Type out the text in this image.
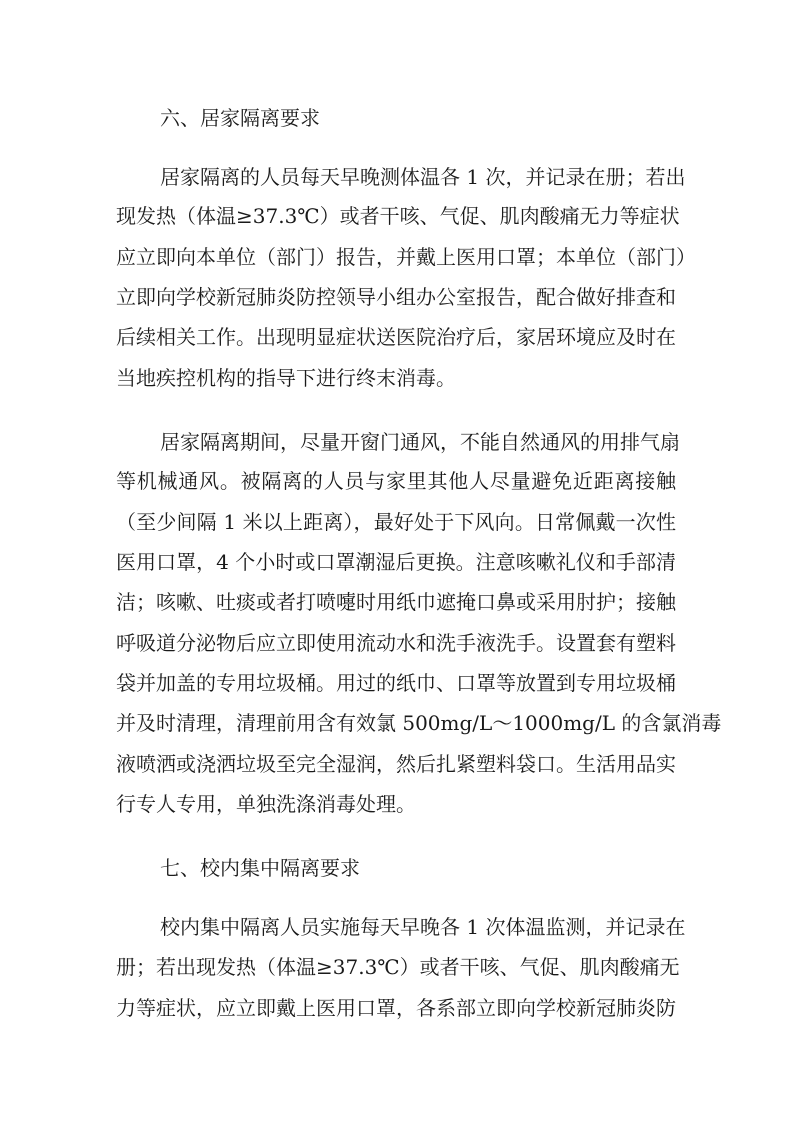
六、居家隔离要求
居家隔离的人员每天早晚测体温各 1 次，并记录在册；若出
现发热（体温≥37.3℃）或者干咳、气促、肌肉酸痛无力等症状
应立即向本单位（部门）报告，并戴上医用口罩；本单位（部门）
立即向学校新冠肺炎防控领导小组办公室报告，配合做好排查和
后续相关工作。出现明显症状送医院治疗后，家居环境应及时在
当地疾控机构的指导下进行终末消毒。
居家隔离期间，尽量开窗门通风，不能自然通风的用排气扇
等机械通风。被隔离的人员与家里其他人尽量避免近距离接触
（至少间隔 1 米以上距离），最好处于下风向。日常佩戴一次性
医用口罩，4 个小时或口罩潮湿后更换。注意咳嗽礼仪和手部清
洁；咳嗽、吐痰或者打喷嚏时用纸巾遮掩口鼻或采用肘护；接触
呼吸道分泌物后应立即使用流动水和洗手液洗手。设置套有塑料
袋并加盖的专用垃圾桶。用过的纸巾、口罩等放置到专用垃圾桶
并及时清理，清理前用含有效氯 500mg/L～1000mg/L 的含氯消毒
液喷洒或浇洒垃圾至完全湿润，然后扎紧塑料袋口。生活用品实
行专人专用，单独洗涤消毒处理。
七、校内集中隔离要求
校内集中隔离人员实施每天早晚各 1 次体温监测，并记录在
册；若出现发热（体温≥37.3℃）或者干咳、气促、肌肉酸痛无
力等症状，应立即戴上医用口罩，各系部立即向学校新冠肺炎防
